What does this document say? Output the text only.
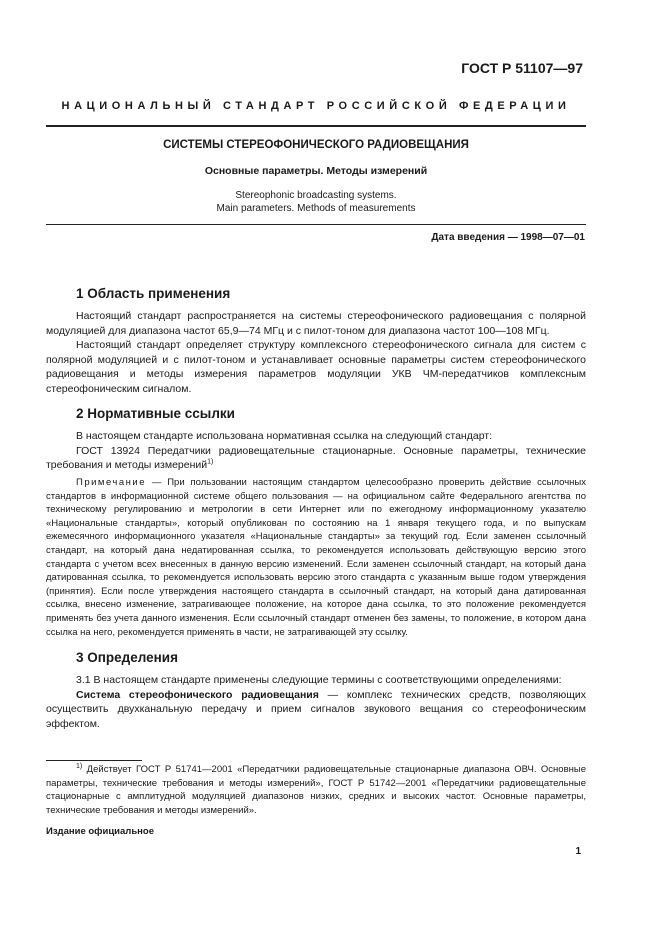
ГОСТ Р 51107—97
НАЦИОНАЛЬНЫЙ СТАНДАРТ РОССИЙСКОЙ ФЕДЕРАЦИИ
СИСТЕМЫ СТЕРЕОФОНИЧЕСКОГО РАДИОВЕЩАНИЯ
Основные параметры. Методы измерений
Stereophonic broadcasting systems.
Main parameters. Methods of measurements
Дата введения — 1998—07—01
1 Область применения

Настоящий стандарт распространяется на системы стереофонического радиовещания с полярной модуляцией для диапазона частот 65,9—74 МГц и с пилот-тоном для диапазона частот 100—108 МГц.

Настоящий стандарт определяет структуру комплексного стереофонического сигнала для систем с полярной модуляцией и с пилот-тоном и устанавливает основные параметры систем стереофонического радиовещания и методы измерения параметров модуляции УКВ ЧМ-передатчиков комплексным стереофоническим сигналом.

2 Нормативные ссылки

В настоящем стандарте использована нормативная ссылка на следующий стандарт:

ГОСТ 13924 Передатчики радиовещательные стационарные. Основные параметры, технические требования и методы измерений$^{1)}$

Примечание — При пользовании настоящим стандартом целесообразно проверить действие ссылочных стандартов в информационной системе общего пользования — на официальном сайте Федерального агентства по техническому регулированию и метрологии в сети Интернет или по ежегодному информационному указателю «Национальные стандарты», который опубликован по состоянию на 1 января текущего года, и по выпускам ежемесячного информационного указателя «Национальные стандарты» за текущий год. Если заменен ссылочный стандарт, на который дана недатированная ссылка, то рекомендуется использовать действующую версию этого стандарта с учетом всех внесенных в данную версию изменений. Если заменен ссылочный стандарт, на который дана датированная ссылка, то рекомендуется использовать версию этого стандарта с указанным выше годом утверждения (принятия). Если после утверждения настоящего стандарта в ссылочный стандарт, на который дана датированная ссылка, внесено изменение, затрагивающее положение, на которое дана ссылка, то это положение рекомендуется применять без учета данного изменения. Если ссылочный стандарт отменен без замены, то положение, в котором дана ссылка на него, рекомендуется применять в части, не затрагивающей эту ссылку.

3 Определения

3.1 В настоящем стандарте применены следующие термины с соответствующими определениями:

Система стереофонического радиовещания — комплекс технических средств, позволяющих осуществить двухканальную передачу и прием сигналов звукового вещания со стереофоническим эффектом.

$^{1)}$ Действует ГОСТ Р 51741—2001 «Передатчики радиовещательные стационарные диапазона ОВЧ. Основные параметры, технические требования и методы измерений», ГОСТ Р 51742—2001 «Передатчики радиовещательные стационарные с амплитудной модуляцией диапазонов низких, средних и высоких частот. Основные параметры, технические требования и методы измерений».

Издание официальное
1
